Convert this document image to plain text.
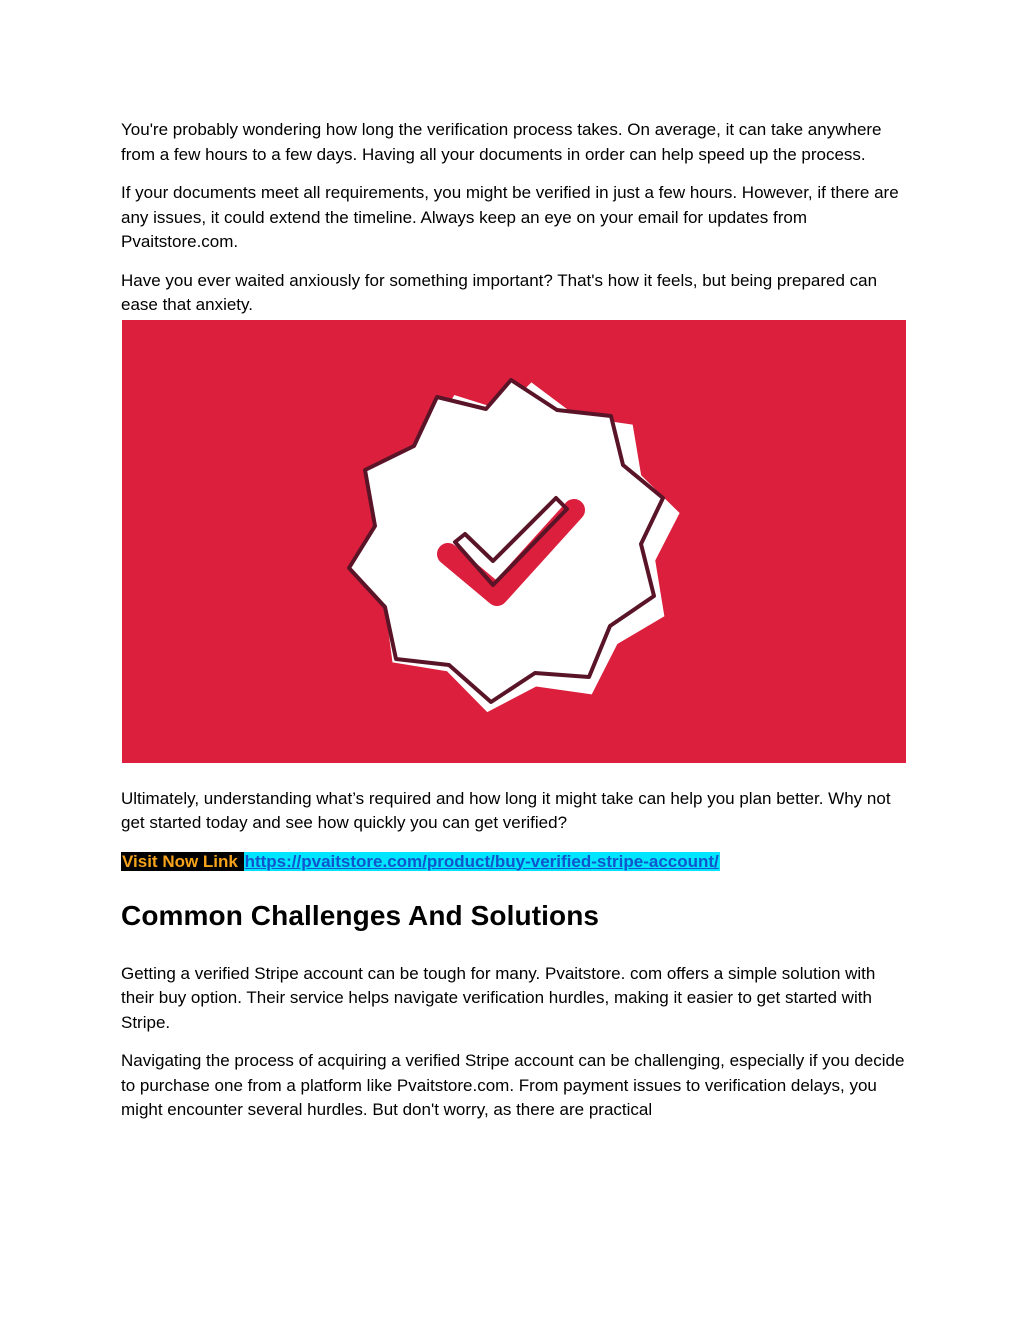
You're probably wondering how long the verification process takes. On average, it can take anywhere from a few hours to a few days. Having all your documents in order can help speed up the process.

If your documents meet all requirements, you might be verified in just a few hours. However, if there are any issues, it could extend the timeline. Always keep an eye on your email for updates from Pvaitstore.com.

Have you ever waited anxiously for something important? That's how it feels, but being prepared can ease that anxiety.

Ultimately, understanding what’s required and how long it might take can help you plan better. Why not get started today and see how quickly you can get verified?

Visit Now Link https://pvaitstore.com/product/buy-verified-stripe-account/
Common Challenges And Solutions

Getting a verified Stripe account can be tough for many. Pvaitstore. com offers a simple solution with their buy option. Their service helps navigate verification hurdles, making it easier to get started with Stripe.

Navigating the process of acquiring a verified Stripe account can be challenging, especially if you decide to purchase one from a platform like Pvaitstore.com. From payment issues to verification delays, you might encounter several hurdles. But don't worry, as there are practical
